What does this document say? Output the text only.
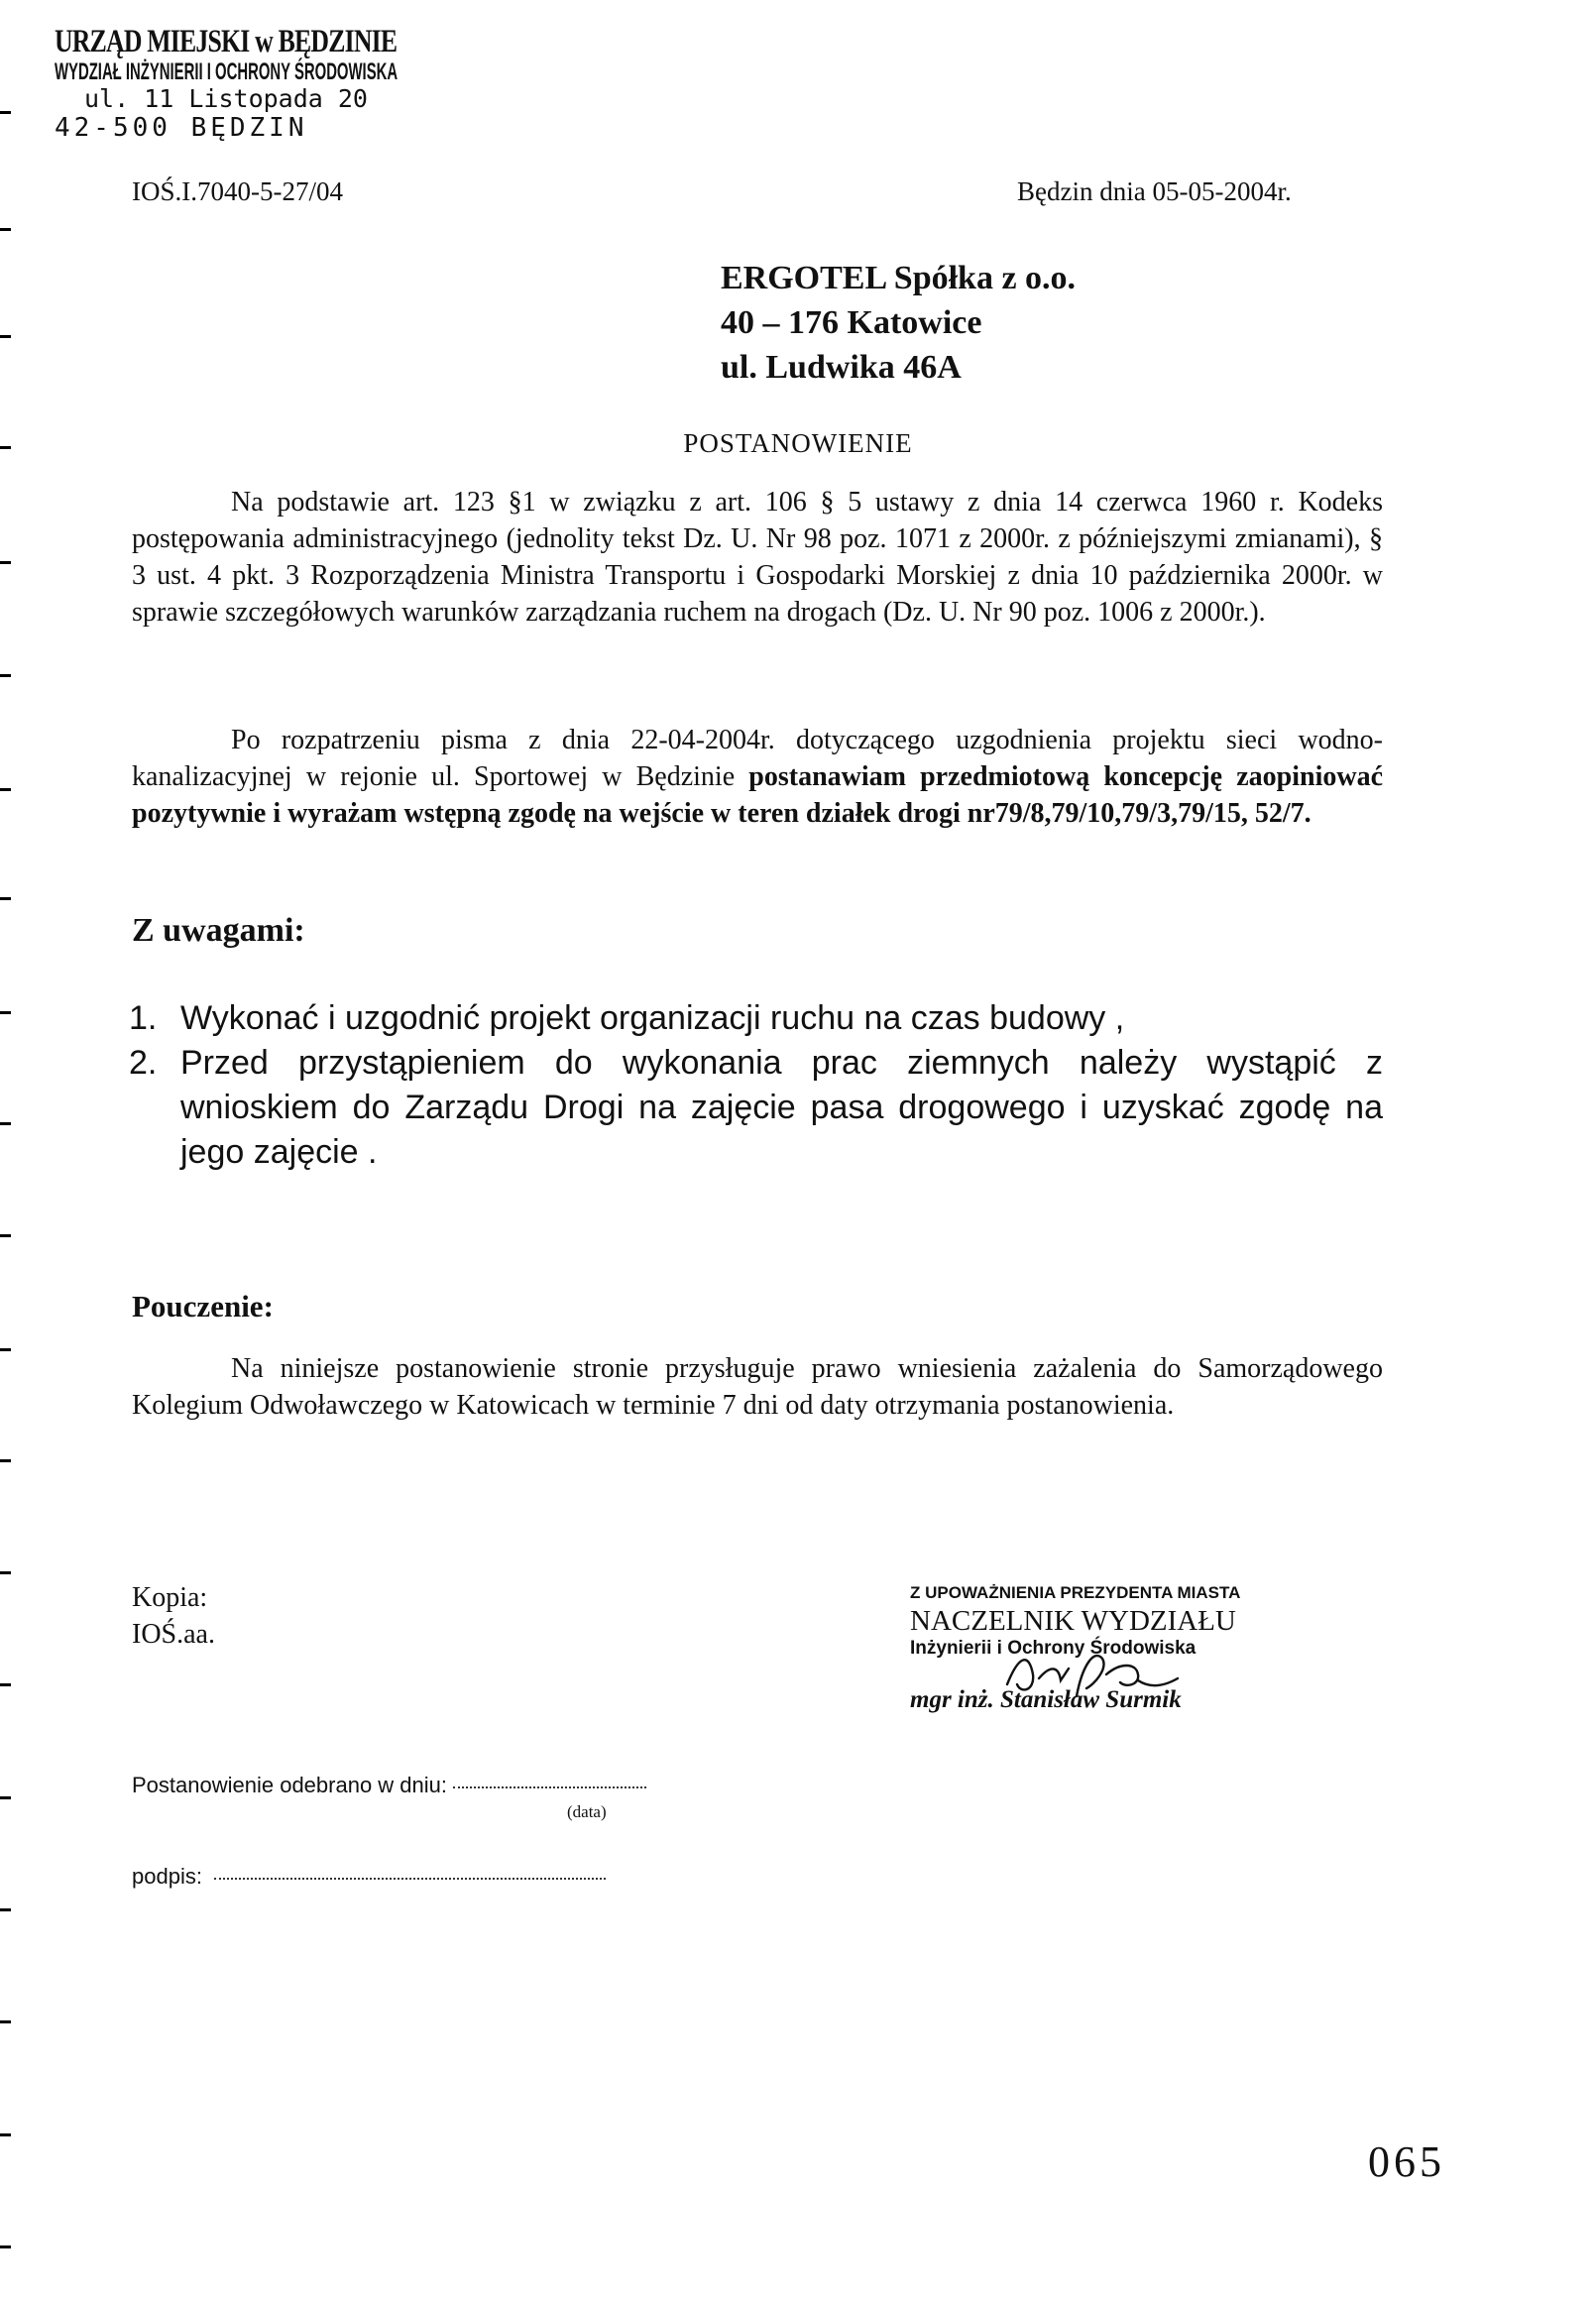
URZĄD MIEJSKI w BĘDZINIE
WYDZIAŁ INŻYNIERII I OCHRONY ŚRODOWISKA
ul. 11 Listopada 20
42-500 BĘDZIN
IOŚ.I.7040-5-27/04	Będzin dnia 05-05-2004r.
ERGOTEL Spółka z o.o.
40 – 176 Katowice
ul. Ludwika 46A
POSTANOWIENIE
Na podstawie art. 123 §1 w związku z art. 106 § 5 ustawy z dnia 14 czerwca 1960 r. Kodeks postępowania administracyjnego (jednolity tekst Dz. U. Nr 98 poz. 1071 z 2000r. z późniejszymi zmianami), § 3 ust. 4 pkt. 3 Rozporządzenia Ministra Transportu i Gospodarki Morskiej z dnia 10 października 2000r. w sprawie szczegółowych warunków zarządzania ruchem na drogach (Dz. U. Nr 90 poz. 1006 z 2000r.).
Po rozpatrzeniu pisma z dnia 22-04-2004r. dotyczącego uzgodnienia projektu sieci wodno-kanalizacyjnej w rejonie ul. Sportowej w Będzinie postanawiam przedmiotową koncepcję zaopiniować pozytywnie i wyrażam wstępną zgodę na wejście w teren działek drogi nr79/8,79/10,79/3,79/15, 52/7.
Z uwagami:
1. Wykonać i uzgodnić projekt organizacji ruchu na czas budowy ,
2. Przed przystąpieniem do wykonania prac ziemnych należy wystąpić z wnioskiem do Zarządu Drogi na zajęcie pasa drogowego i uzyskać zgodę na jego zajęcie .
Pouczenie:
Na niniejsze postanowienie stronie przysługuje prawo wniesienia zażalenia do Samorządowego Kolegium Odwoławczego w Katowicach w terminie 7 dni od daty otrzymania postanowienia.
Kopia:
IOŚ.aa.
Z UPOWAŻNIENIA PREZYDENTA MIASTA
NACZELNIK WYDZIAŁU
Inżynierii i Ochrony Środowiska
mgr inż. Stanisław Surmik
Postanowienie odebrano w dniu:
(data)
podpis:
065
